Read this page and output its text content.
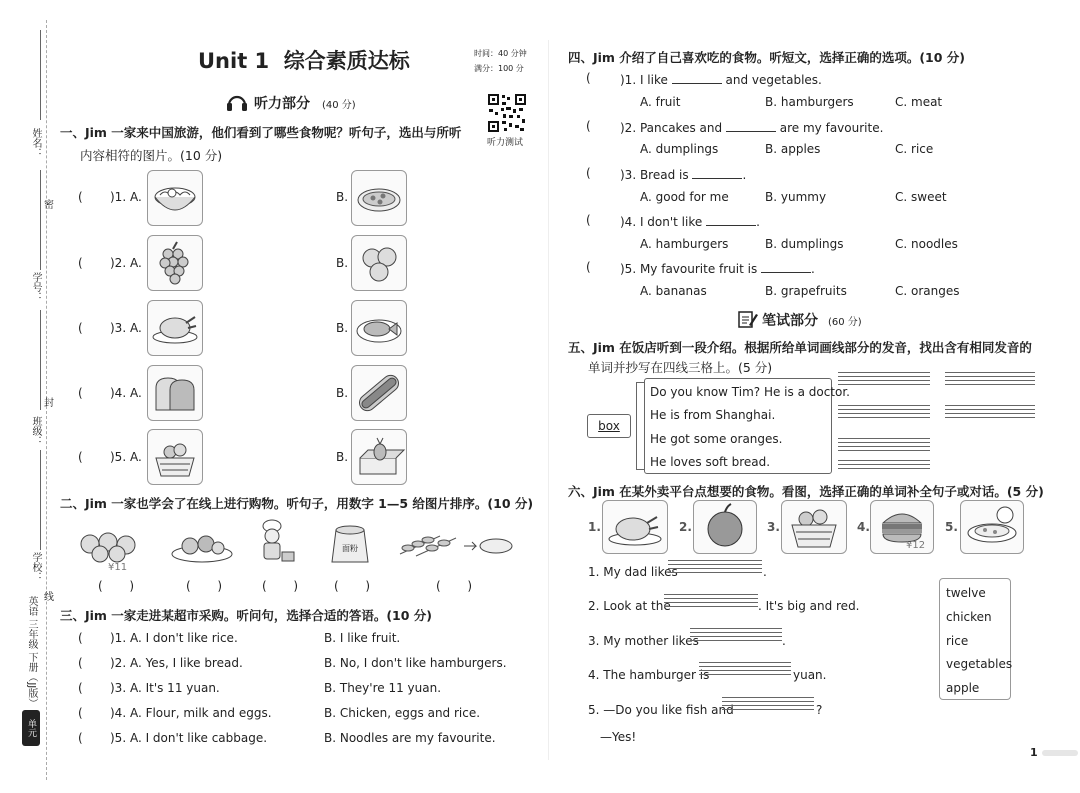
姓名：
密
学号：
封
班级：
学校：
线
英语 三年级 下册（JJ版）
单元
Unit 1  综合素质达标	时间：40 分钟
满分：100 分
听力测试
听力部分 (40 分)
一、Jim 一家来中国旅游，他们看到了哪些食物呢？听句子，选出与所听
内容相符的图片。(10 分)
( )1. A.	B.
( )2. A.	B.
( )3. A.	B.
( )4. A.	B.
( )5. A.	B.
二、Jim 一家也学会了在线上进行购物。听句子，用数字 1—5 给图片排序。(10 分)
¥11
面粉
(       )	(       )	(       )	(       )	(       )
三、Jim 一家走进某超市采购。听问句，选择合适的答语。(10 分)
( )1. A. I don't like rice.	B. I like fruit.
( )2. A. Yes, I like bread.	B. No, I don't like hamburgers.
( )3. A. It's 11 yuan.	B. They're 11 yuan.
( )4. A. Flour, milk and eggs.	B. Chicken, eggs and rice.
( )5. A. I don't like cabbage.	B. Noodles are my favourite.
四、Jim 介绍了自己喜欢吃的食物。听短文，选择正确的选项。(10 分)
( )1. I like	and vegetables.
A. fruit	B. hamburgers	C. meat
( )2. Pancakes and	are my favourite.
A. dumplings	B. apples	C. rice
( )3. Bread is	.
A. good for me	B. yummy	C. sweet
( )4. I don't like	.
A. hamburgers	B. dumplings	C. noodles
( )5. My favourite fruit is	.
A. bananas	B. grapefruits	C. oranges
笔试部分 (60 分)
五、Jim 在饭店听到一段介绍。根据所给单词画线部分的发音，找出含有相同发音的
单词并抄写在四线三格上。(5 分)
box
Do you know Tim? He is a doctor.
He is from Shanghai.
He got some oranges.
He loves soft bread.
六、Jim 在某外卖平台点想要的食物。看图，选择正确的单词补全句子或对话。(5 分)
1.	2.	3.	4.
¥12
5.
1. My dad likes	.
2. Look at the	. It's big and red.
3. My mother likes	.
4. The hamburger is	yuan.
5. —Do you like fish and	?
—Yes!
twelve
chicken
rice
vegetables
apple
1
